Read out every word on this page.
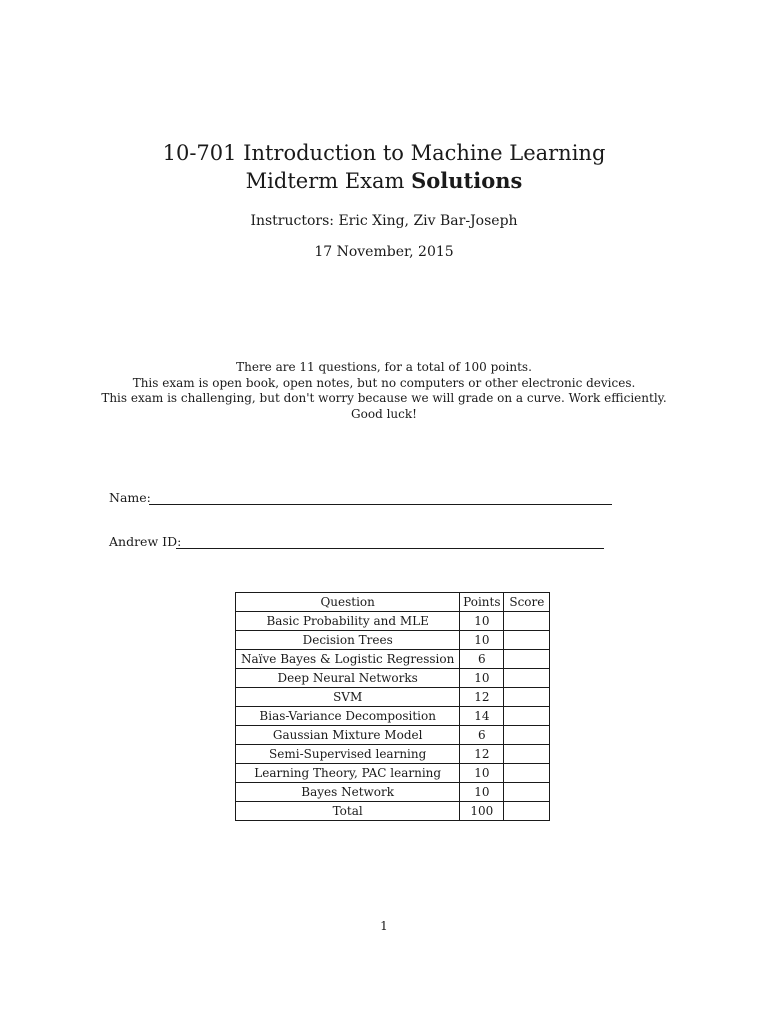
10-701 Introduction to Machine Learning
Midterm Exam Solutions
Instructors: Eric Xing, Ziv Bar-Joseph
17 November, 2015
There are 11 questions, for a total of 100 points.
This exam is open book, open notes, but no computers or other electronic devices.
This exam is challenging, but don't worry because we will grade on a curve. Work efficiently.
Good luck!
Name:
Andrew ID:
Question	Points	Score
Basic Probability and MLE	10	
Decision Trees	10	
Naïve Bayes & Logistic Regression	6	
Deep Neural Networks	10	
SVM	12	
Bias-Variance Decomposition	14	
Gaussian Mixture Model	6	
Semi-Supervised learning	12	
Learning Theory, PAC learning	10	
Bayes Network	10	
Total	100	
1
